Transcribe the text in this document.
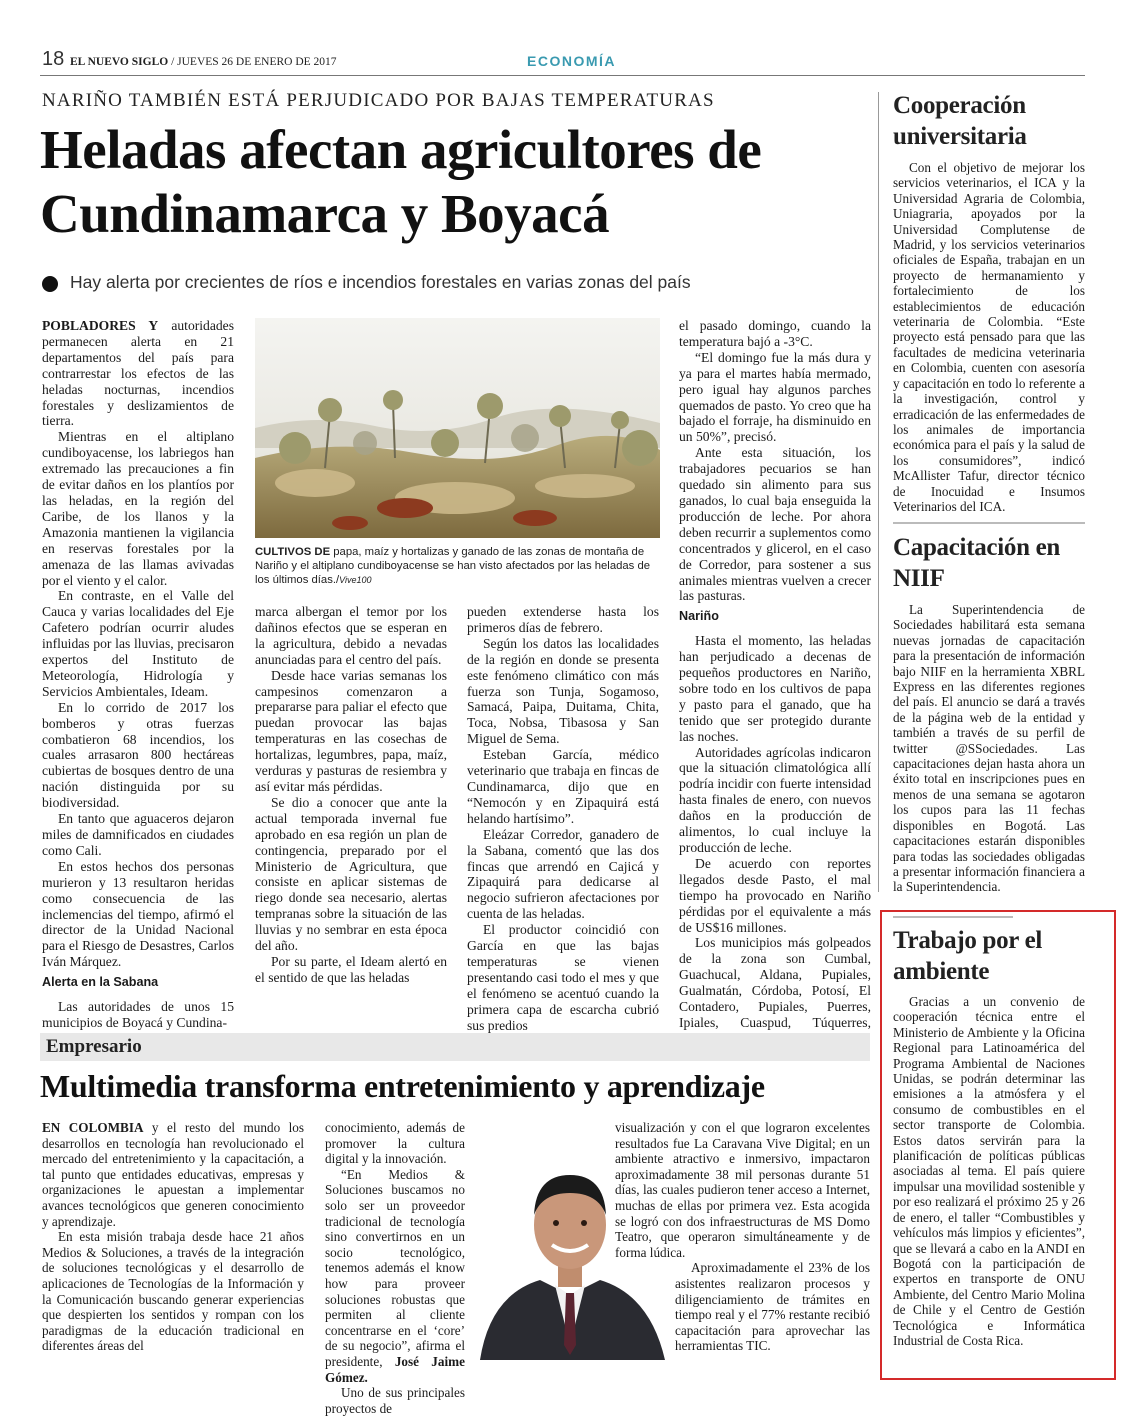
18 EL NUEVO SIGLO / JUEVES 26 DE ENERO DE 2017	ECONOMÍA
NARIÑO TAMBIÉN ESTÁ PERJUDICADO POR BAJAS TEMPERATURAS
Heladas afectan agricultores de Cundinamarca y Boyacá
Hay alerta por crecientes de ríos e incendios forestales en varias zonas del país

POBLADORES Y autoridades permanecen alerta en 21 departamentos del país para contrarrestar los efectos de las heladas nocturnas, incendios forestales y deslizamientos de tierra.

Mientras en el altiplano cundiboyacense, los labriegos han extremado las precauciones a fin de evitar daños en los plantíos por las heladas, en la región del Caribe, de los llanos y la Amazonia mantienen la vigilancia en reservas forestales por la amenaza de las llamas avivadas por el viento y el calor.

En contraste, en el Valle del Cauca y varias localidades del Eje Cafetero podrían ocurrir aludes influidas por las lluvias, precisaron expertos del Instituto de Meteorología, Hidrología y Servicios Ambientales, Ideam.

En lo corrido de 2017 los bomberos y otras fuerzas combatieron 68 incendios, los cuales arrasaron 800 hectáreas cubiertas de bosques dentro de una nación distinguida por su biodiversidad.

En tanto que aguaceros dejaron miles de damnificados en ciudades como Cali.

En estos hechos dos personas murieron y 13 resultaron heridas como consecuencia de las inclemencias del tiempo, afirmó el director de la Unidad Nacional para el Riesgo de Desastres, Carlos Iván Márquez.

Alerta en la Sabana

Las autoridades de unos 15 municipios de Boyacá y Cundina-

CULTIVOS DE papa, maíz y hortalizas y ganado de las zonas de montaña de Nariño y el altiplano cundiboyacense se han visto afectados por las heladas de los últimos días./Vive100

marca albergan el temor por los dañinos efectos que se esperan en la agricultura, debido a nevadas anunciadas para el centro del país.

Desde hace varias semanas los campesinos comenzaron a prepararse para paliar el efecto que puedan provocar las bajas temperaturas en las cosechas de hortalizas, legumbres, papa, maíz, verduras y pasturas de resiembra y así evitar más pérdidas.

Se dio a conocer que ante la actual temporada invernal fue aprobado en esa región un plan de contingencia, preparado por el Ministerio de Agricultura, que consiste en aplicar sistemas de riego donde sea necesario, alertas tempranas sobre la situación de las lluvias y no sembrar en esta época del año.

Por su parte, el Ideam alertó en el sentido de que las heladas

pueden extenderse hasta los primeros días de febrero.

Según los datos las localidades de la región en donde se presenta este fenómeno climático con más fuerza son Tunja, Sogamoso, Samacá, Paipa, Duitama, Chita, Toca, Nobsa, Tibasosa y San Miguel de Sema.

Esteban García, médico veterinario que trabaja en fincas de Cundinamarca, dijo que en “Nemocón y en Zipaquirá está helando hartísimo”.

Eleázar Corredor, ganadero de la Sabana, comentó que las dos fincas que arrendó en Cajicá y Zipaquirá para dedicarse al negocio sufrieron afectaciones por cuenta de las heladas.

El productor coincidió con García en que las bajas temperaturas se vienen presentando casi todo el mes y que el fenómeno se acentuó cuando la primera capa de escarcha cubrió sus predios

el pasado domingo, cuando la temperatura bajó a -3°C.

“El domingo fue la más dura y ya para el martes había mermado, pero igual hay algunos parches quemados de pasto. Yo creo que ha bajado el forraje, ha disminuido en un 50%”, precisó.

Ante esta situación, los trabajadores pecuarios se han quedado sin alimento para sus ganados, lo cual baja enseguida la producción de leche. Por ahora deben recurrir a suplementos como concentrados y glicerol, en el caso de Corredor, para sostener a sus animales mientras vuelven a crecer las pasturas.

Nariño

Hasta el momento, las heladas han perjudicado a decenas de pequeños productores en Nariño, sobre todo en los cultivos de papa y pasto para el ganado, que ha tenido que ser protegido durante las noches.

Autoridades agrícolas indicaron que la situación climatológica allí podría incidir con fuerte intensidad hasta finales de enero, con nuevos daños en la producción de alimentos, lo cual incluye la producción de leche.

De acuerdo con reportes llegados desde Pasto, el mal tiempo ha provocado en Nariño pérdidas por el equivalente a más de US$16 millones.

Los municipios más golpeados de la zona son Cumbal, Guachucal, Aldana, Pupiales, Gualmatán, Córdoba, Potosí, El Contadero, Pupiales, Puerres, Ipiales, Cuaspud, Túquerres,

Cooperación universitaria

Con el objetivo de mejorar los servicios veterinarios, el ICA y la Universidad Agraria de Colombia, Uniagraria, apoyados por la Universidad Complutense de Madrid, y los servicios veterinarios oficiales de España, trabajan en un proyecto de hermanamiento y fortalecimiento de los establecimientos de educación veterinaria de Colombia. “Este proyecto está pensado para que las facultades de medicina veterinaria en Colombia, cuenten con asesoría y capacitación en todo lo referente a la investigación, control y erradicación de las enfermedades de los animales de importancia económica para el país y la salud de los consumidores”, indicó McAllister Tafur, director técnico de Inocuidad e Insumos Veterinarios del ICA.

Capacitación en NIIF

La Superintendencia de Sociedades habilitará esta semana nuevas jornadas de capacitación para la presentación de información bajo NIIF en la herramienta XBRL Express en las diferentes regiones del país. El anuncio se dará a través de la página web de la entidad y también a través de su perfil de twitter @SSociedades. Las capacitaciones dejan hasta ahora un éxito total en inscripciones pues en menos de una semana se agotaron los cupos para las 11 fechas disponibles en Bogotá. Las capacitaciones estarán disponibles para todas las sociedades obligadas a presentar información financiera a la Superintendencia.

Trabajo por el ambiente

Gracias a un convenio de cooperación técnica entre el Ministerio de Ambiente y la Oficina Regional para Latinoamérica del Programa Ambiental de Naciones Unidas, se podrán determinar las emisiones a la atmósfera y el consumo de combustibles en el sector transporte de Colombia. Estos datos servirán para la planificación de políticas públicas asociadas al tema. El país quiere impulsar una movilidad sostenible y por eso realizará el próximo 25 y 26 de enero, el taller “Combustibles y vehículos más limpios y eficientes”, que se llevará a cabo en la ANDI en Bogotá con la participación de expertos en transporte de ONU Ambiente, del Centro Mario Molina de Chile y el Centro de Gestión Tecnológica e Informática Industrial de Costa Rica.

Empresario
Multimedia transforma entretenimiento y aprendizaje

EN COLOMBIA y el resto del mundo los desarrollos en tecnología han revolucionado el mercado del entretenimiento y la capacitación, a tal punto que entidades educativas, empresas y organizaciones le apuestan a implementar avances tecnológicos que generen conocimiento y aprendizaje.

En esta misión trabaja desde hace 21 años Medios & Soluciones, a través de la integración de soluciones tecnológicas y el desarrollo de aplicaciones de Tecnologías de la Información y la Comunicación buscando generar experiencias que despierten los sentidos y rompan con los paradigmas de la educación tradicional en diferentes áreas del

conocimiento, además de promover la cultura digital y la innovación.

“En Medios & Soluciones buscamos no solo ser un proveedor tradicional de tecnología sino convertirnos en un socio tecnológico, tenemos además el know how para proveer soluciones robustas que permiten al cliente concentrarse en el ‘core’ de su negocio”, afirma el presidente, José Jaime Gómez.

Uno de sus principales proyectos de

visualización y con el que lograron excelentes resultados fue La Caravana Vive Digital; en un ambiente atractivo e inmersivo, impactaron aproximadamente 38 mil personas durante 51 días, las cuales pudieron tener acceso a Internet, muchas de ellas por primera vez. Esta acogida se logró con dos infraestructuras de MS Domo Teatro, que operaron simultáneamente y de forma lúdica.

Aproximadamente el 23% de los asistentes realizaron procesos y diligenciamiento de trámites en tiempo real y el 77% restante recibió capacitación para aprovechar las herramientas TIC.
